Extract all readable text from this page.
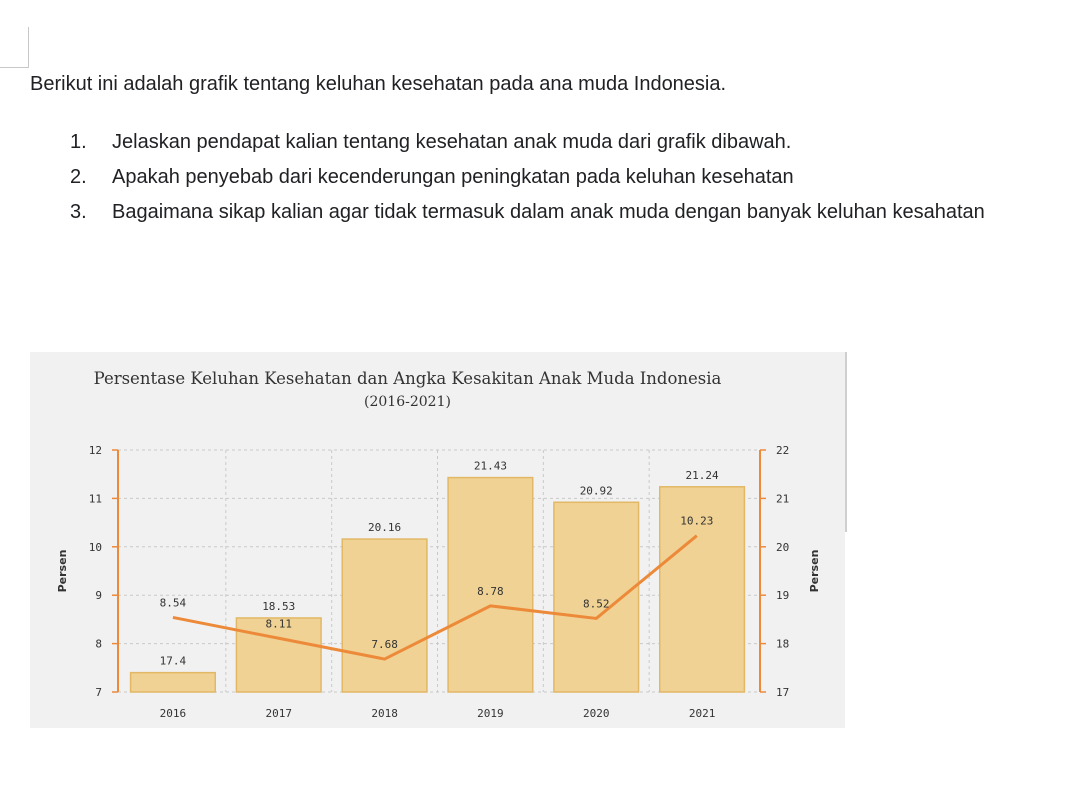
Berikut ini adalah grafik tentang keluhan kesehatan pada ana muda Indonesia.

1. Jelaskan pendapat kalian tentang kesehatan anak muda dari grafik dibawah.
2. Apakah penyebab dari kecenderungan peningkatan pada keluhan kesehatan
3. Bagaimana sikap kalian agar tidak termasuk dalam anak muda dengan banyak keluhan kesahatan
Persentase Keluhan Kesehatan dan Angka Kesakitan Anak Muda Indonesia
(2016-2021)
7
8
9
10
11
12
17
18
19
20
21
22
Persen	Persen
2016	2017	2018	2019	2020	2021
17.4
18.53
20.16
21.43
20.92
21.24
8.54
8.11
7.68
8.78
8.52
10.23
